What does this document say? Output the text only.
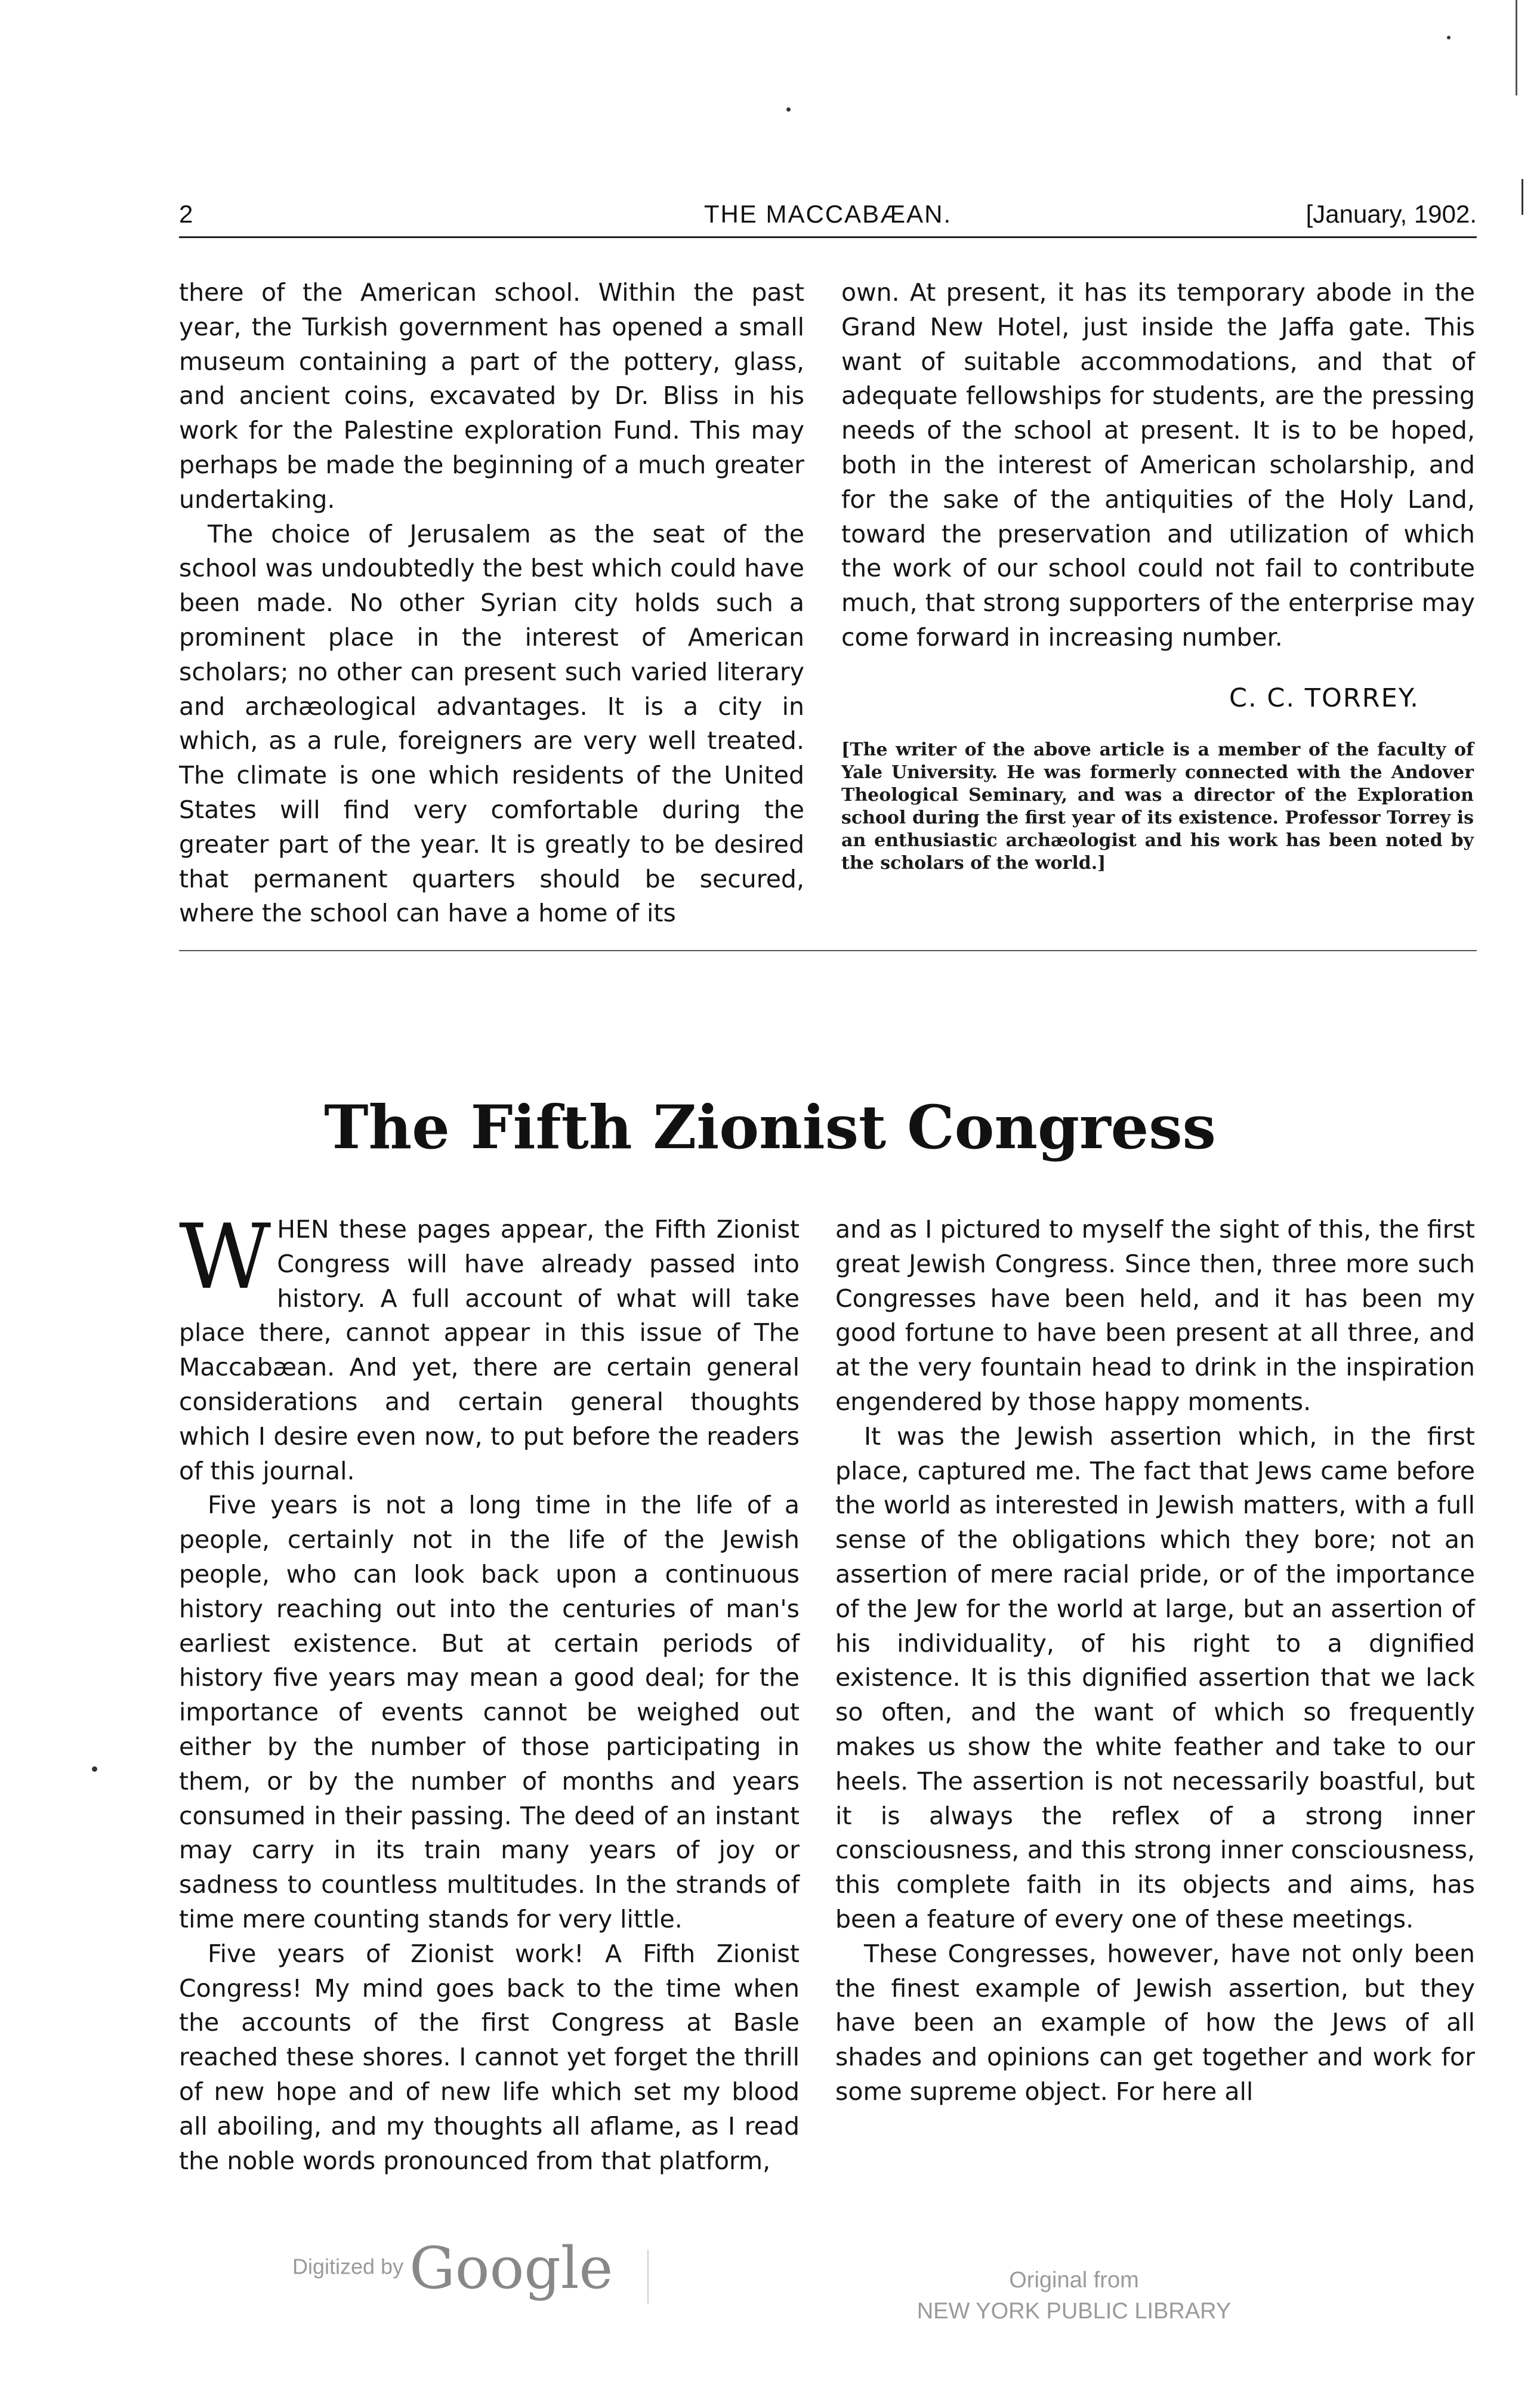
2	THE MACCABÆAN.	[January, 1902.

there of the American school. Within the past year, the Turkish government has opened a small museum containing a part of the pottery, glass, and ancient coins, excavated by Dr. Bliss in his work for the Palestine exploration Fund. This may perhaps be made the beginning of a much greater undertaking.

The choice of Jerusalem as the seat of the school was undoubtedly the best which could have been made. No other Syrian city holds such a prominent place in the interest of American scholars; no other can present such varied literary and archæological advantages. It is a city in which, as a rule, foreigners are very well treated. The climate is one which residents of the United States will find very comfortable during the greater part of the year. It is greatly to be desired that permanent quarters should be secured, where the school can have a home of its

own. At present, it has its temporary abode in the Grand New Hotel, just inside the Jaffa gate. This want of suitable accommodations, and that of adequate fellowships for students, are the pressing needs of the school at present. It is to be hoped, both in the interest of American scholarship, and for the sake of the antiquities of the Holy Land, toward the preservation and utilization of which the work of our school could not fail to contribute much, that strong supporters of the enterprise may come forward in increasing number.

C. C. TORREY.
[The writer of the above article is a member of the faculty of Yale University. He was formerly connected with the Andover Theological Seminary, and was a director of the Exploration school during the first year of its existence. Professor Torrey is an enthusiastic archæologist and his work has been noted by the scholars of the world.]
The Fifth Zionist Congress

WHEN these pages appear, the Fifth Zionist Congress will have already passed into history. A full account of what will take place there, cannot appear in this issue of The Maccabæan. And yet, there are certain general considerations and certain general thoughts which I desire even now, to put before the readers of this journal.

Five years is not a long time in the life of a people, certainly not in the life of the Jewish people, who can look back upon a continuous history reaching out into the centuries of man's earliest existence. But at certain periods of history five years may mean a good deal; for the importance of events cannot be weighed out either by the number of those participating in them, or by the number of months and years consumed in their passing. The deed of an instant may carry in its train many years of joy or sadness to countless multitudes. In the strands of time mere counting stands for very little.

Five years of Zionist work! A Fifth Zionist Congress! My mind goes back to the time when the accounts of the first Congress at Basle reached these shores. I cannot yet forget the thrill of new hope and of new life which set my blood all aboiling, and my thoughts all aflame, as I read the noble words pronounced from that platform,

and as I pictured to myself the sight of this, the first great Jewish Congress. Since then, three more such Congresses have been held, and it has been my good fortune to have been present at all three, and at the very fountain head to drink in the inspiration engendered by those happy moments.

It was the Jewish assertion which, in the first place, captured me. The fact that Jews came before the world as interested in Jewish matters, with a full sense of the obligations which they bore; not an assertion of mere racial pride, or of the importance of the Jew for the world at large, but an assertion of his individuality, of his right to a dignified existence. It is this dignified assertion that we lack so often, and the want of which so frequently makes us show the white feather and take to our heels. The assertion is not necessarily boastful, but it is always the reflex of a strong inner consciousness, and this strong inner consciousness, this complete faith in its objects and aims, has been a feature of every one of these meetings.

These Congresses, however, have not only been the finest example of Jewish assertion, but they have been an example of how the Jews of all shades and opinions can get together and work for some supreme object. For here all

Digitized by Google	Original from
NEW YORK PUBLIC LIBRARY
